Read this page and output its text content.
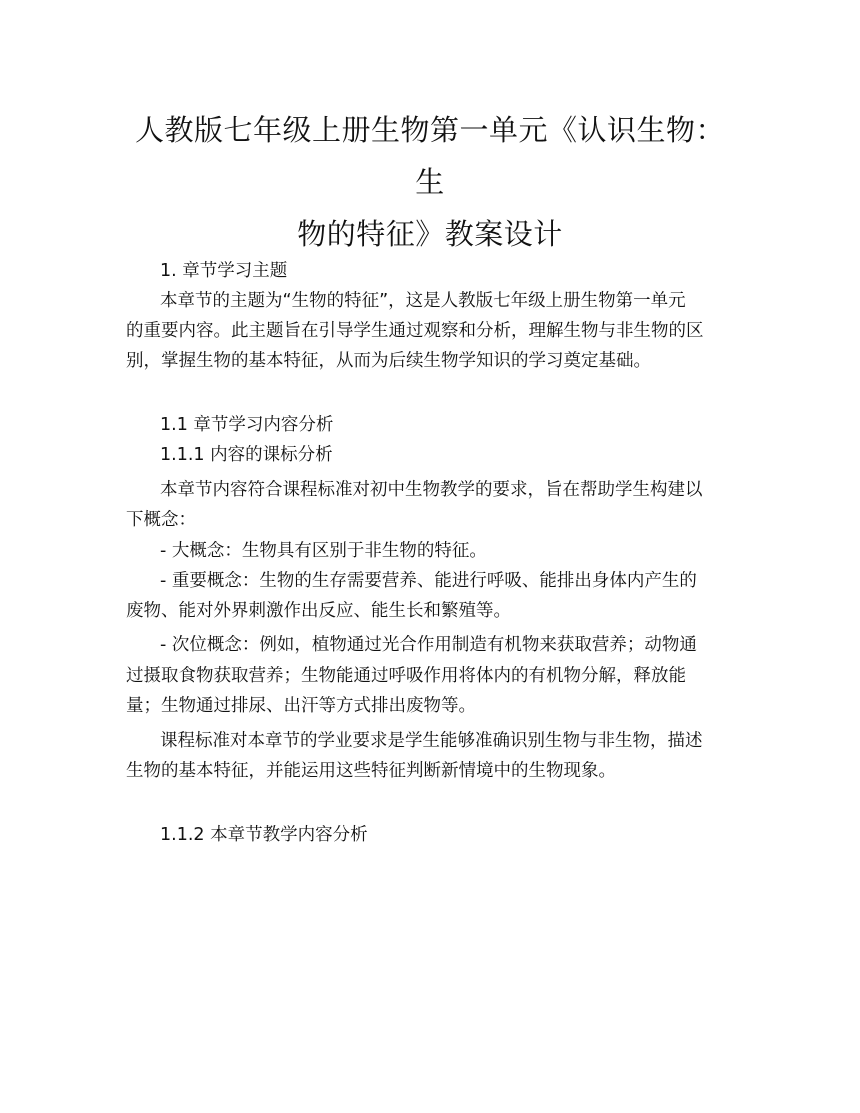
人教版七年级上册生物第一单元《认识生物：生
物的特征》教案设计

1. 章节学习主题

本章节的主题为“生物的特征”，这是人教版七年级上册生物第一单元

的重要内容。此主题旨在引导学生通过观察和分析，理解生物与非生物的区

别，掌握生物的基本特征，从而为后续生物学知识的学习奠定基础。

1.1 章节学习内容分析

1.1.1 内容的课标分析

本章节内容符合课程标准对初中生物教学的要求，旨在帮助学生构建以

下概念：

- 大概念：生物具有区别于非生物的特征。

- 重要概念：生物的生存需要营养、能进行呼吸、能排出身体内产生的

废物、能对外界刺激作出反应、能生长和繁殖等。

- 次位概念：例如，植物通过光合作用制造有机物来获取营养；动物通

过摄取食物获取营养；生物能通过呼吸作用将体内的有机物分解，释放能

量；生物通过排尿、出汗等方式排出废物等。

课程标准对本章节的学业要求是学生能够准确识别生物与非生物，描述

生物的基本特征，并能运用这些特征判断新情境中的生物现象。

1.1.2 本章节教学内容分析
